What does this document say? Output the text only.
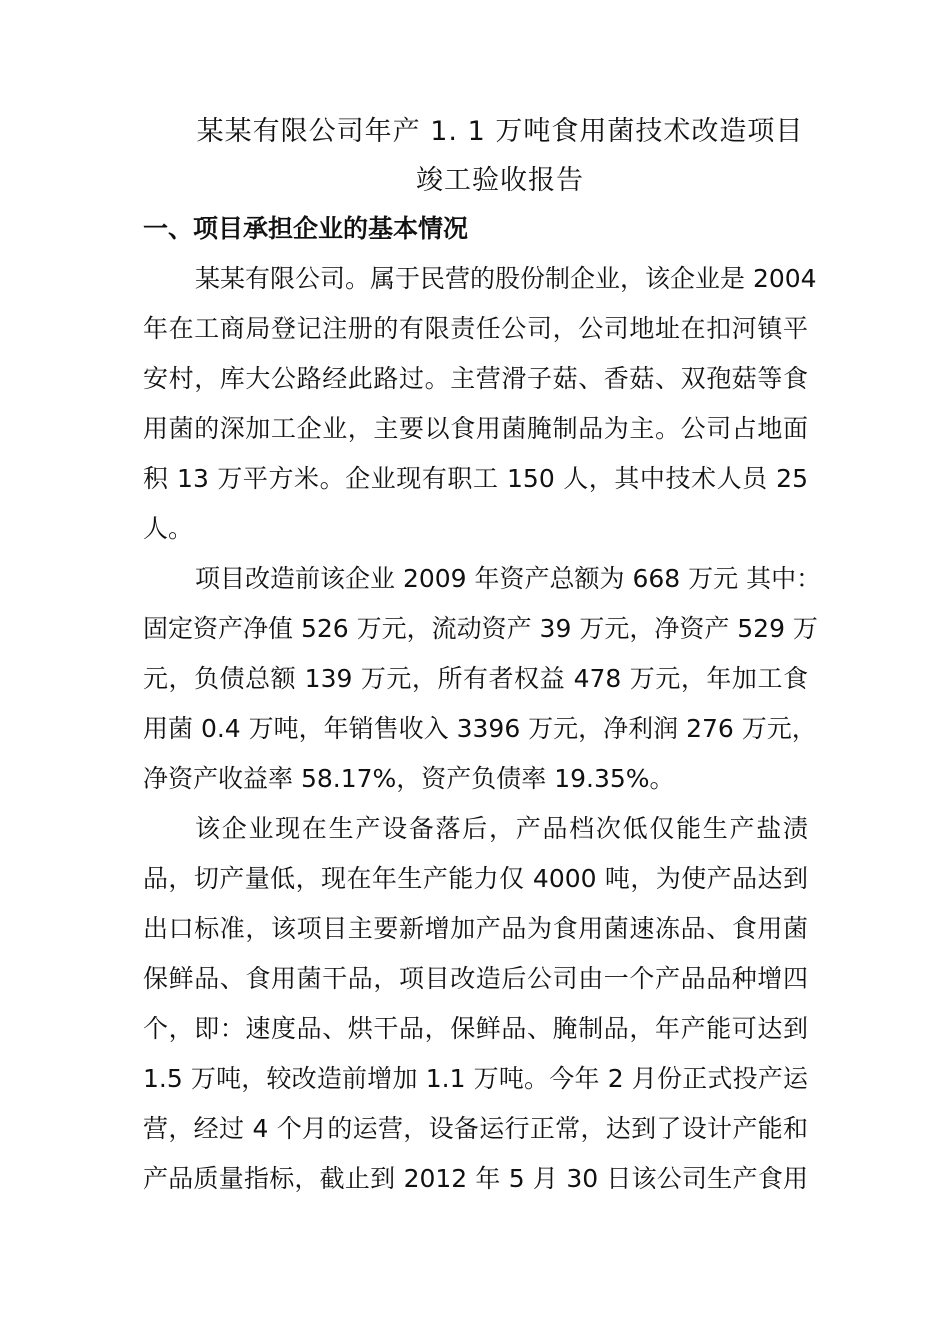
某某有限公司年产 1. 1 万吨食用菌技术改造项目
竣工验收报告
一、项目承担企业的基本情况
某某有限公司。属于民营的股份制企业，该企业是 2004
年在工商局登记注册的有限责任公司，公司地址在扣河镇平
安村，库大公路经此路过。主营滑子菇、香菇、双孢菇等食
用菌的深加工企业，主要以食用菌腌制品为主。公司占地面
积 13 万平方米。企业现有职工 150 人，其中技术人员 25
人。
项目改造前该企业 2009 年资产总额为 668 万元 其中：
固定资产净值 526 万元，流动资产 39 万元，净资产 529 万
元，负债总额 139 万元，所有者权益 478 万元，年加工食
用菌 0.4 万吨，年销售收入 3396 万元，净利润 276 万元，
净资产收益率 58.17%，资产负债率 19.35%。
该企业现在生产设备落后，产品档次低仅能生产盐渍
品，切产量低，现在年生产能力仅 4000 吨，为使产品达到
出口标准，该项目主要新增加产品为食用菌速冻品、食用菌
保鲜品、食用菌干品，项目改造后公司由一个产品品种增四
个，即：速度品、烘干品，保鲜品、腌制品，年产能可达到
1.5 万吨，较改造前增加 1.1 万吨。今年 2 月份正式投产运
营，经过 4 个月的运营，设备运行正常，达到了设计产能和
产品质量指标，截止到 2012 年 5 月 30 日该公司生产食用
